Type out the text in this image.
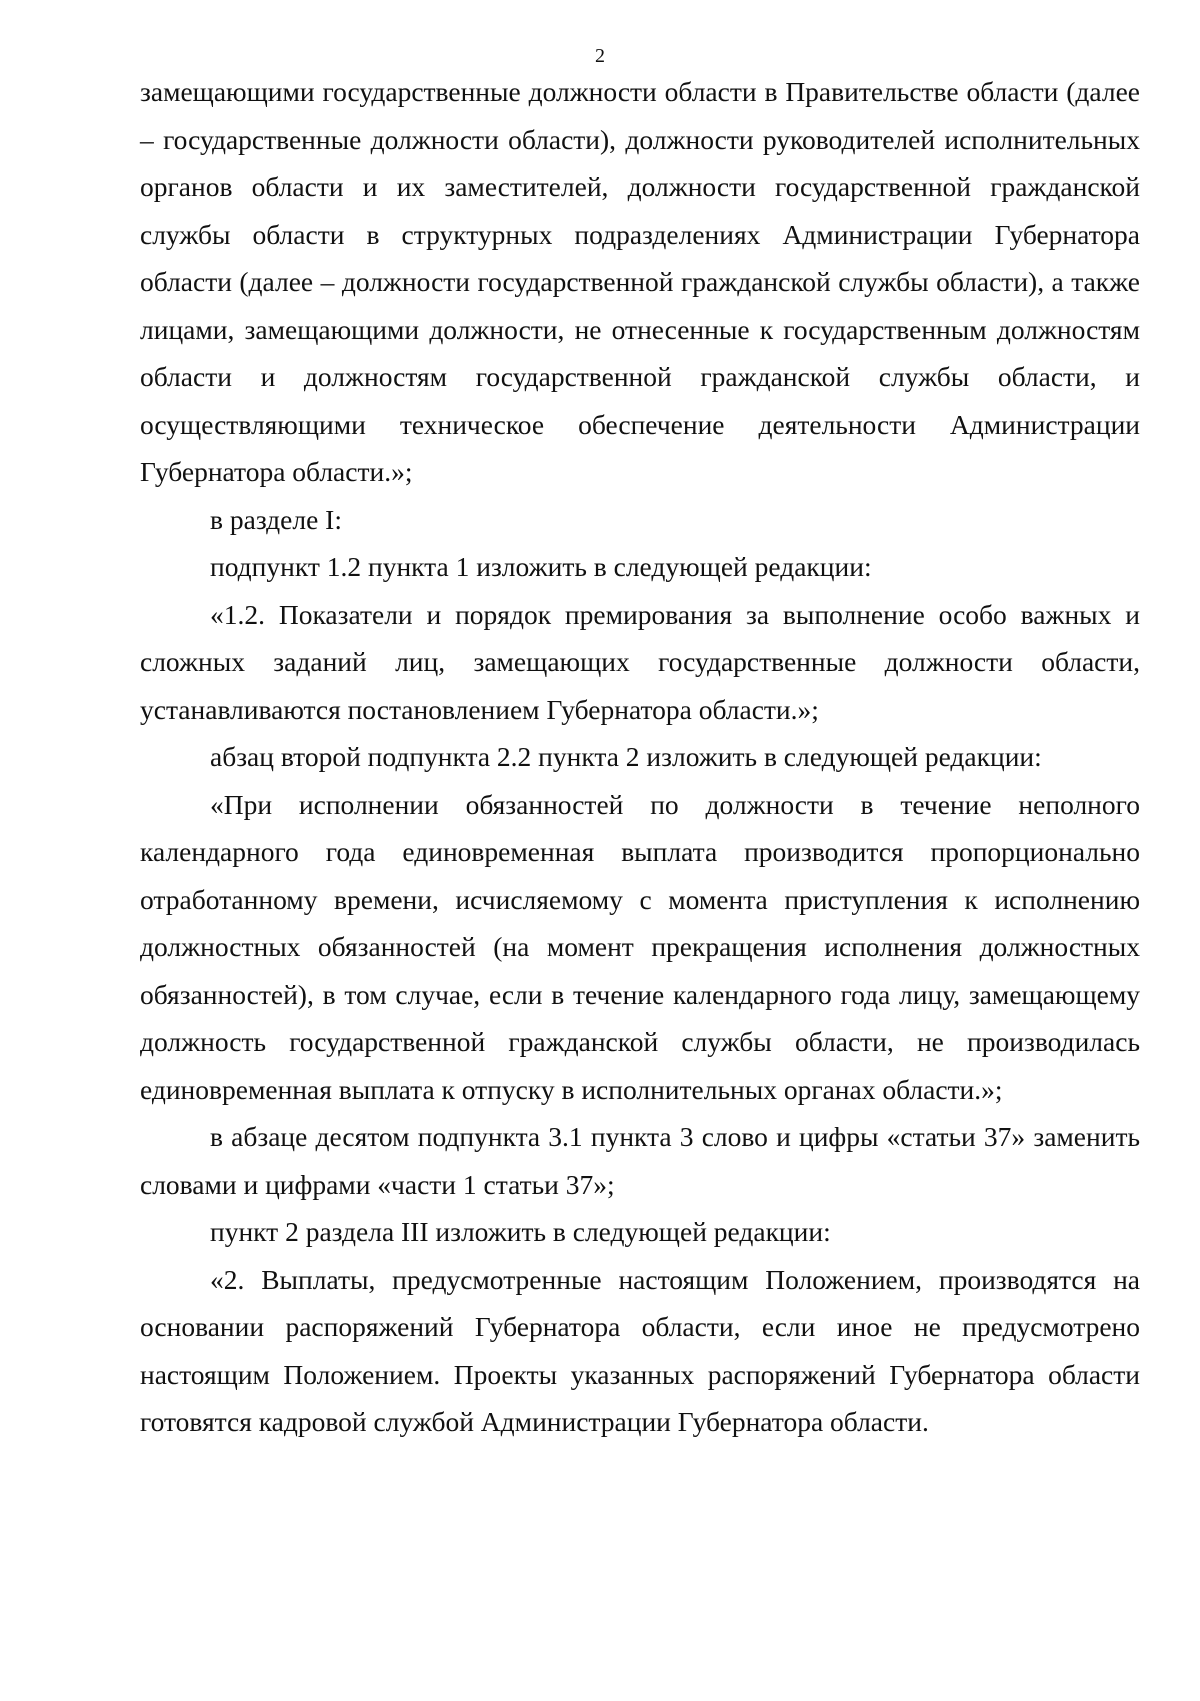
2

замещающими государственные должности области в Правительстве области (далее – государственные должности области), должности руководителей исполнительных органов области и их заместителей, должности государственной гражданской службы области в структурных подразделениях Администрации Губернатора области (далее – должности государственной гражданской службы области), а также лицами, замещающими должности, не отнесенные к государственным должностям области и должностям государственной гражданской службы области, и осуществляющими техническое обеспечение деятельности Администрации Губернатора области.»;

в разделе I:

подпункт 1.2 пункта 1 изложить в следующей редакции:

«1.2. Показатели и порядок премирования за выполнение особо важных и сложных заданий лиц, замещающих государственные должности области, устанавливаются постановлением Губернатора области.»;

абзац второй подпункта 2.2 пункта 2 изложить в следующей редакции:

«При исполнении обязанностей по должности в течение неполного календарного года единовременная выплата производится пропорционально отработанному времени, исчисляемому с момента приступления к исполнению должностных обязанностей (на момент прекращения исполнения должностных обязанностей), в том случае, если в течение календарного года лицу, замещающему должность государственной гражданской службы области, не производилась единовременная выплата к отпуску в исполнительных органах области.»;

в абзаце десятом подпункта 3.1 пункта 3 слово и цифры «статьи 37» заменить словами и цифрами «части 1 статьи 37»;

пункт 2 раздела III изложить в следующей редакции:

«2. Выплаты, предусмотренные настоящим Положением, производятся на основании распоряжений Губернатора области, если иное не предусмотрено настоящим Положением. Проекты указанных распоряжений Губернатора области готовятся кадровой службой Администрации Губернатора области.
